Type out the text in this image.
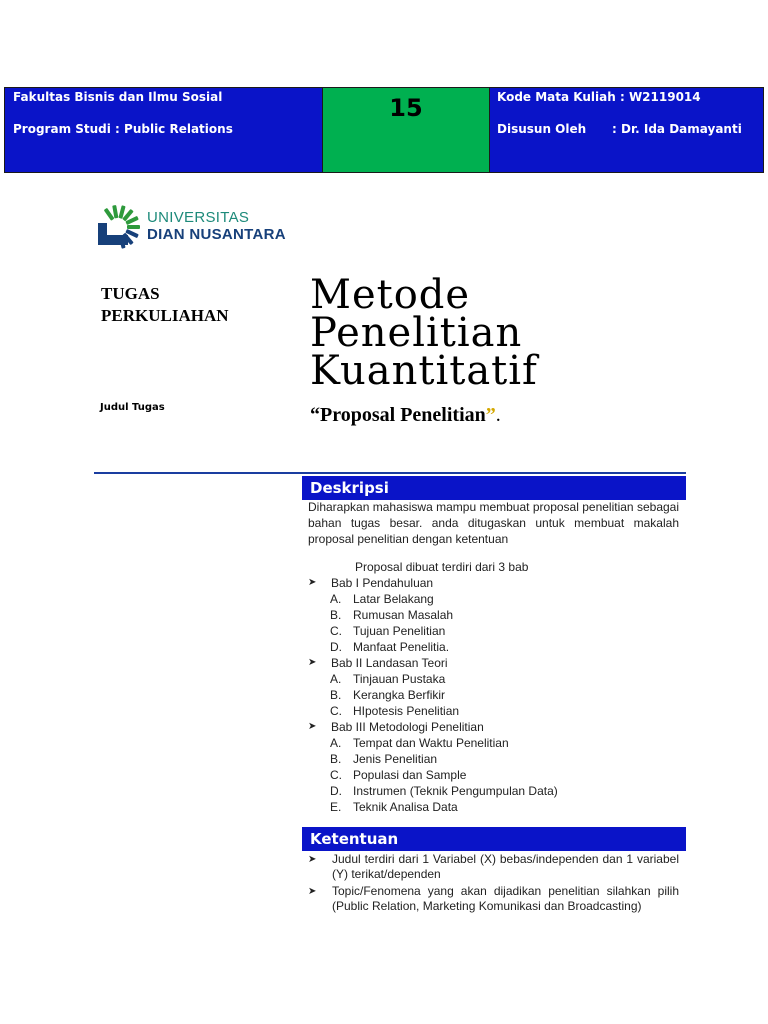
Fakultas Bisnis dan Ilmu Sosial
Program Studi : Public Relations
15	Kode Mata Kuliah : W2119014
Disusun Oleh : Dr. Ida Damayanti
UNIVERSITAS
DIAN NUSANTARA
TUGAS
PERKULIAHAN
Judul Tugas
Metode
Penelitian
Kuantitatif
“Proposal Penelitian”.
Deskripsi
Diharapkan mahasiswa mampu membuat proposal penelitian sebagai bahan tugas besar. anda ditugaskan untuk membuat makalah proposal penelitian dengan ketentuan
Proposal dibuat terdiri dari 3 bab
➤ Bab I Pendahuluan
A. Latar Belakang
B. Rumusan Masalah
C. Tujuan Penelitian
D. Manfaat Penelitia.
➤ Bab II Landasan Teori
A. Tinjauan Pustaka
B. Kerangka Berfikir
C. HIpotesis Penelitian
➤ Bab III Metodologi Penelitian
A. Tempat dan Waktu Penelitian
B. Jenis Penelitian
C. Populasi dan Sample
D. Instrumen (Teknik Pengumpulan Data)
E. Teknik Analisa Data
Ketentuan
➤ Judul terdiri dari 1 Variabel (X) bebas/independen dan 1 variabel (Y) terikat/dependen
➤ Topic/Fenomena yang akan dijadikan penelitian silahkan pilih (Public Relation, Marketing Komunikasi dan Broadcasting)
